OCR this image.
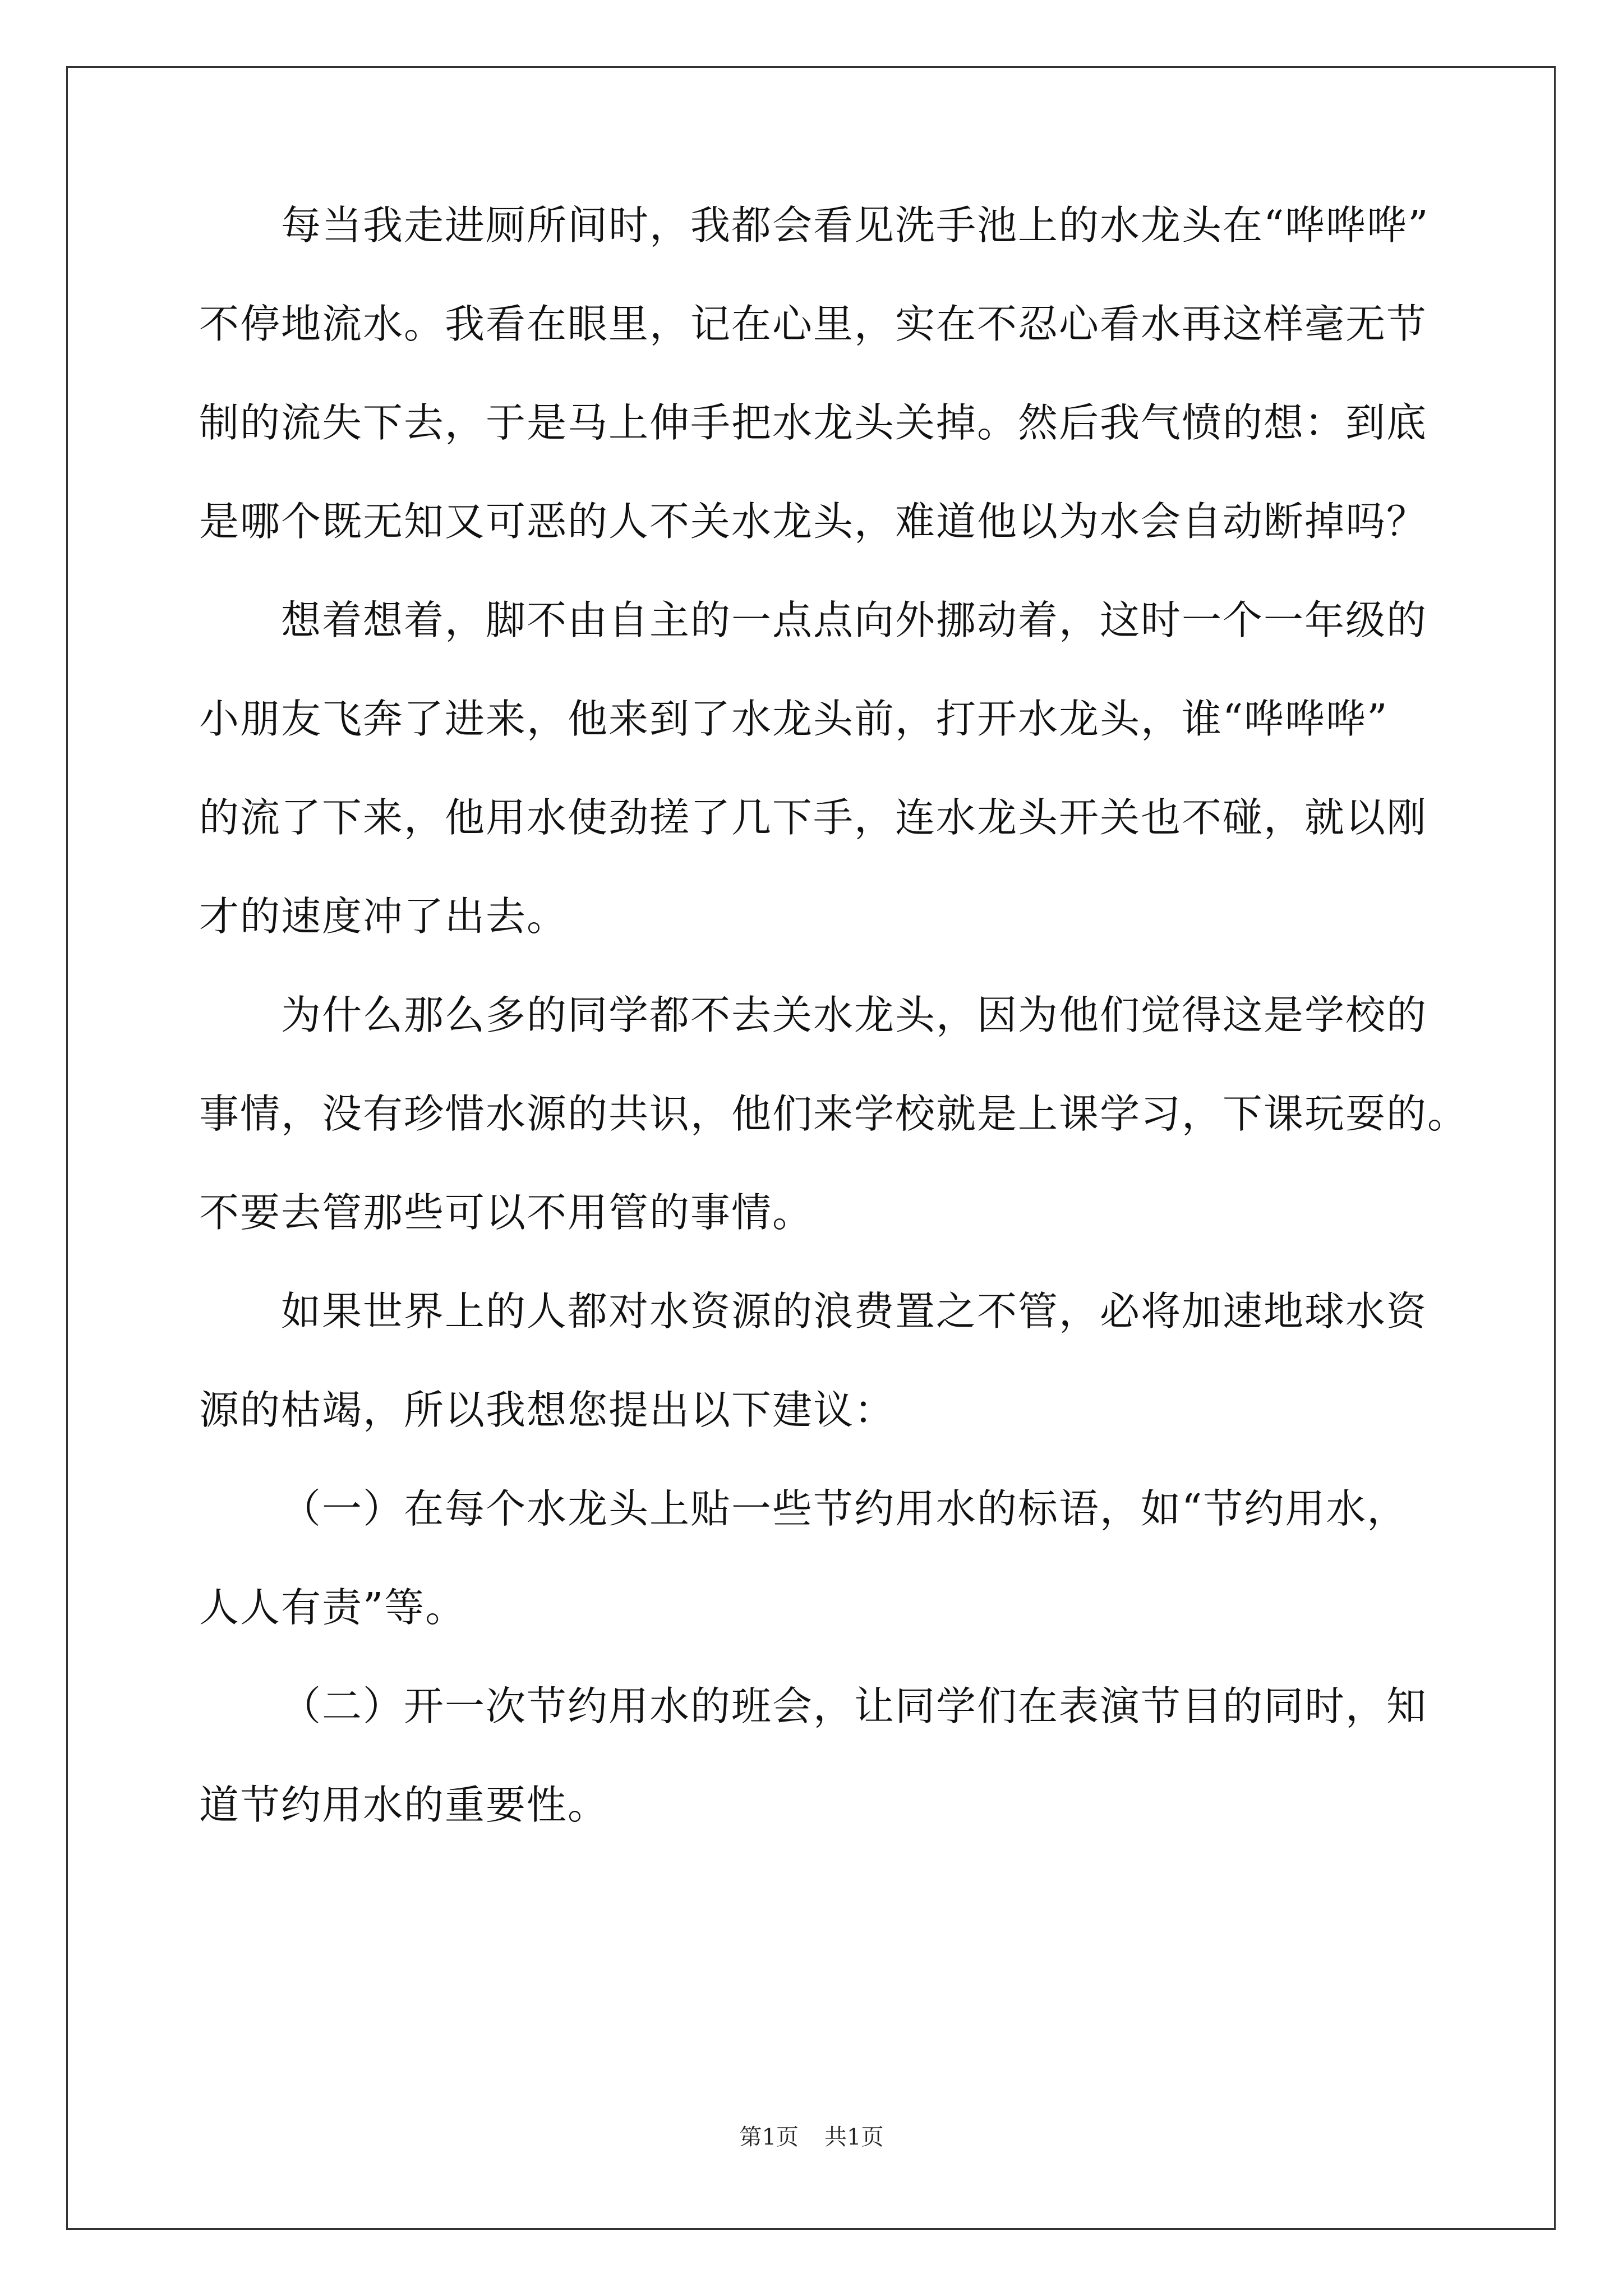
每当我走进厕所间时，我都会看见洗手池上的水龙头在“哗哗哗”
不停地流水。我看在眼里，记在心里，实在不忍心看水再这样毫无节
制的流失下去，于是马上伸手把水龙头关掉。然后我气愤的想：到底
是哪个既无知又可恶的人不关水龙头，难道他以为水会自动断掉吗？
想着想着，脚不由自主的一点点向外挪动着，这时一个一年级的
小朋友飞奔了进来，他来到了水龙头前，打开水龙头，谁“哗哗哗”
的流了下来，他用水使劲搓了几下手，连水龙头开关也不碰，就以刚
才的速度冲了出去。
为什么那么多的同学都不去关水龙头，因为他们觉得这是学校的
事情，没有珍惜水源的共识，他们来学校就是上课学习，下课玩耍的。
不要去管那些可以不用管的事情。
如果世界上的人都对水资源的浪费置之不管，必将加速地球水资
源的枯竭，所以我想您提出以下建议：
（一）在每个水龙头上贴一些节约用水的标语，如“节约用水，
人人有责”等。
（二）开一次节约用水的班会，让同学们在表演节目的同时，知
道节约用水的重要性。
第1页 共1页
